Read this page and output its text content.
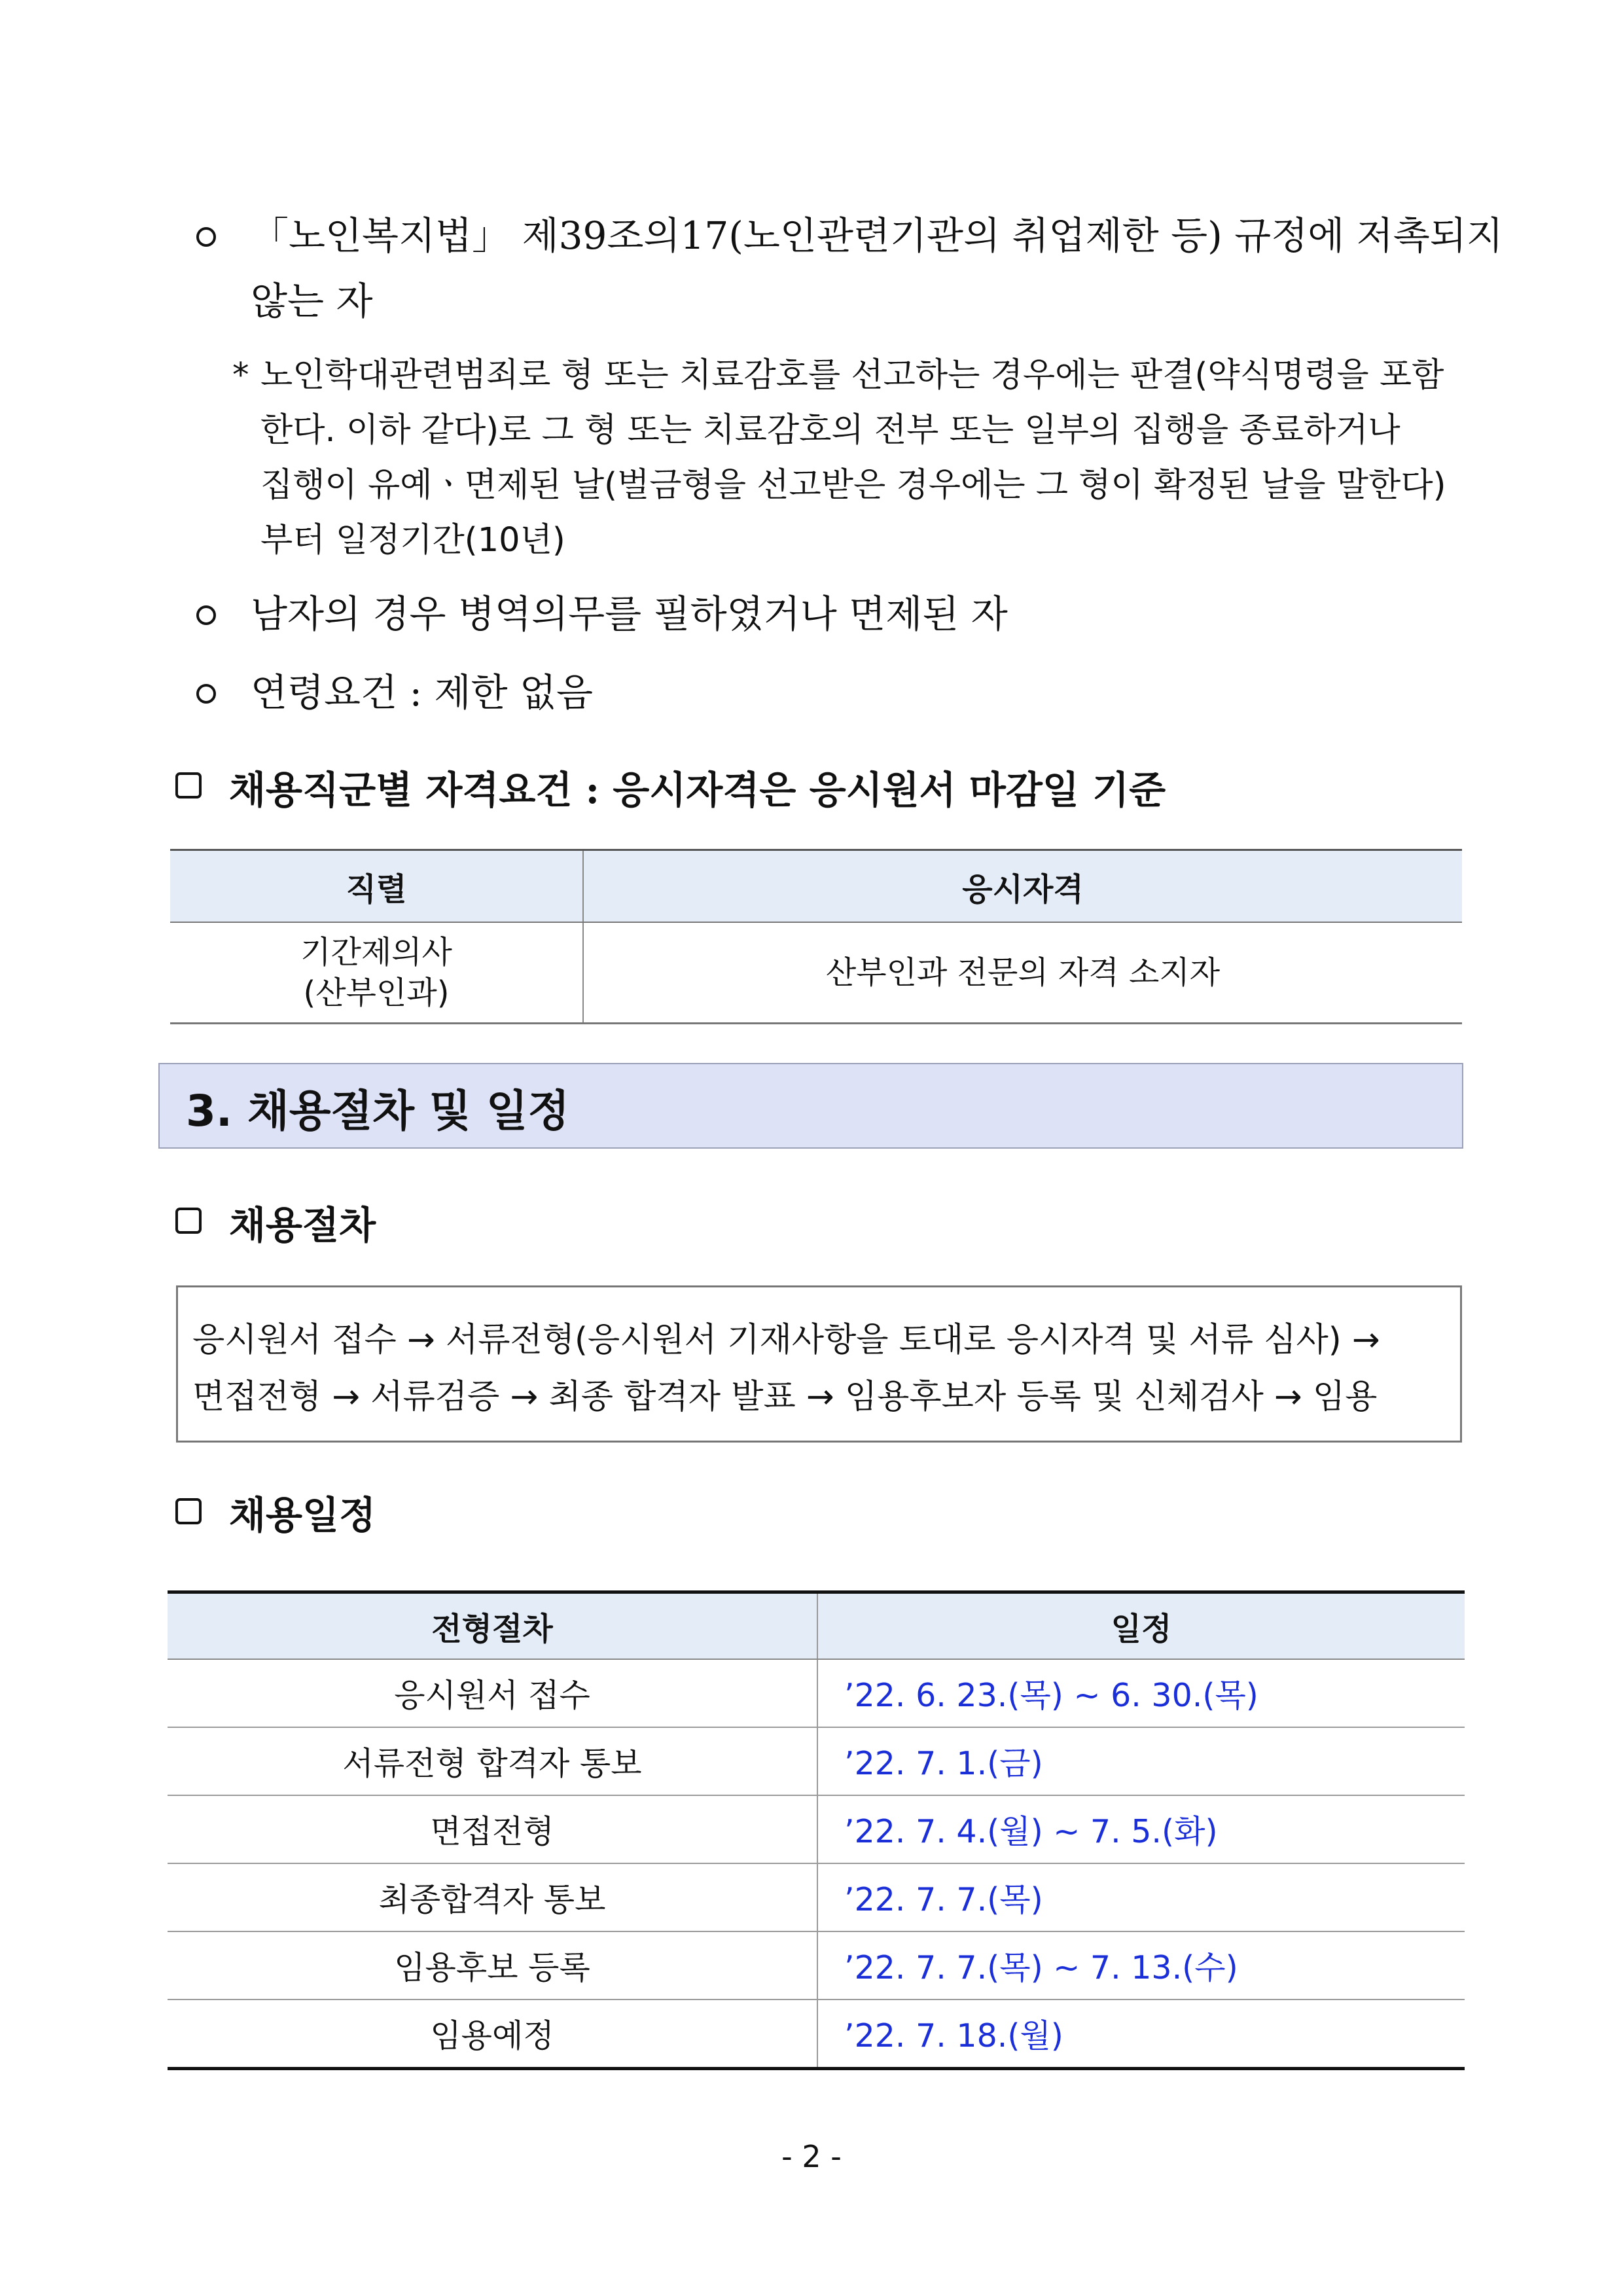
「노인복지법」 제39조의17(노인관련기관의 취업제한 등) 규정에 저촉되지
않는 자
* 노인학대관련범죄로 형 또는 치료감호를 선고하는 경우에는 판결(약식명령을 포함
한다. 이하 같다)로 그 형 또는 치료감호의 전부 또는 일부의 집행을 종료하거나
집행이 유예ㆍ면제된 날(벌금형을 선고받은 경우에는 그 형이 확정된 날을 말한다)
부터 일정기간(10년)
남자의 경우 병역의무를 필하였거나 면제된 자
연령요건 : 제한 없음
채용직군별 자격요건 : 응시자격은 응시원서 마감일 기준
직렬	응시자격

기간제의사
(산부인과)	산부인과 전문의 자격 소지자
3. 채용절차 및 일정
채용절차
응시원서 접수 → 서류전형(응시원서 기재사항을 토대로 응시자격 및 서류 심사) →
면접전형 → 서류검증 → 최종 합격자 발표 → 임용후보자 등록 및 신체검사 → 임용
채용일정
전형절차	일정
응시원서 접수	’22. 6. 23.(목) ~ 6. 30.(목)
서류전형 합격자 통보	’22. 7. 1.(금)
면접전형	’22. 7. 4.(월) ~ 7. 5.(화)
최종합격자 통보	’22. 7. 7.(목)
임용후보 등록	’22. 7. 7.(목) ~ 7. 13.(수)
임용예정	’22. 7. 18.(월)
- 2 -
